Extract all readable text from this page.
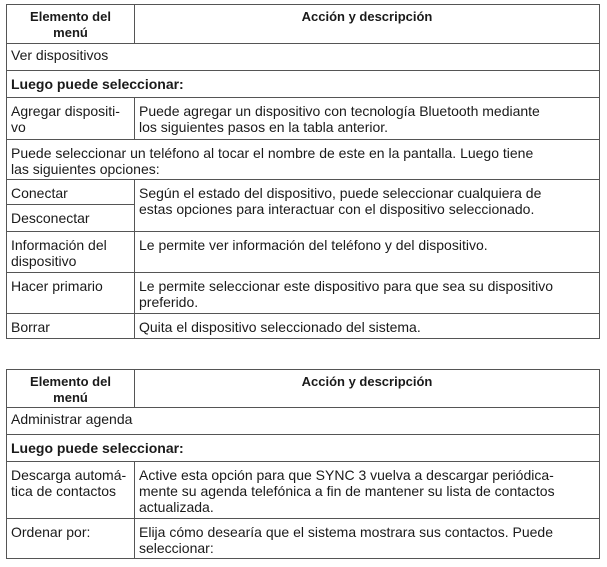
Elemento del
menú	Acción y descripción
Ver dispositivos	
Luego puede seleccionar:	
Agregar dispositi-
vo	Puede agregar un dispositivo con tecnología Bluetooth mediante
los siguientes pasos en la tabla anterior.
Puede seleccionar un teléfono al tocar el nombre de este en la pantalla. Luego tiene
las siguientes opciones:	
Conectar	Según el estado del dispositivo, puede seleccionar cualquiera de
estas opciones para interactuar con el dispositivo seleccionado.
Desconectar	
Información del
dispositivo	Le permite ver información del teléfono y del dispositivo.
Hacer primario	Le permite seleccionar este dispositivo para que sea su dispositivo
preferido.
Borrar	Quita el dispositivo seleccionado del sistema.
Elemento del
menú	Acción y descripción
Administrar agenda	
Luego puede seleccionar:	
Descarga automá-
tica de contactos	Active esta opción para que SYNC 3 vuelva a descargar periódica-
mente su agenda telefónica a fin de mantener su lista de contactos
actualizada.
Ordenar por:	Elija cómo desearía que el sistema mostrara sus contactos. Puede
seleccionar:
